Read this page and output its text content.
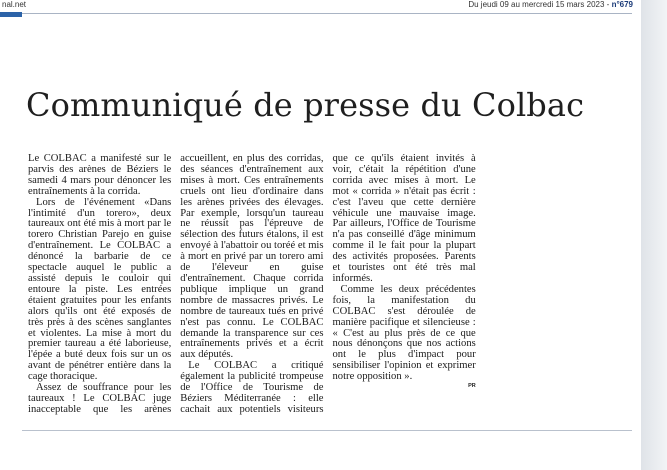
nal.net	Du jeudi 09 au mercredi 15 mars 2023 - n°679
Communiqué de presse du Colbac

Le COLBAC a manifesté sur le parvis des arènes de Béziers le samedi 4 mars pour dénoncer les entraînements à la corrida.

Lors de l'événement «Dans l'intimité d'un torero», deux taureaux ont été mis à mort par le torero Christian Parejo en guise d'entraînement. Le COLBAC a dénoncé la barbarie de ce spectacle auquel le public a assisté depuis le couloir qui entoure la piste. Les entrées étaient gratuites pour les enfants alors qu'ils ont été exposés de très près à des scènes sanglantes et violentes. La mise à mort du premier taureau a été laborieuse, l'épée a buté deux fois sur un os avant de pénétrer entière dans la cage thoracique.

Assez de souffrance pour les taureaux ! Le COLBAC juge inacceptable que les arènes accueillent, en plus des corridas, des séances d'entraînement aux mises à mort. Ces entraînements cruels ont lieu d'ordinaire dans les arènes privées des élevages. Par exemple, lorsqu'un taureau ne réussit pas l'épreuve de sélection des futurs étalons, il est envoyé à l'abattoir ou toréé et mis à mort en privé par un torero ami de l'éleveur en guise d'entraînement. Chaque corrida publique implique un grand nombre de massacres privés. Le nombre de taureaux tués en privé n'est pas connu. Le COLBAC demande la transparence sur ces entraînements privés et a écrit aux députés.

Le COLBAC a critiqué également la publicité trompeuse de l'Office de Tourisme de Béziers Méditerranée : elle cachait aux potentiels visiteurs que ce qu'ils étaient invités à voir, c'était la répétition d'une corrida avec mises à mort. Le mot « corrida » n'était pas écrit : c'est l'aveu que cette dernière véhicule une mauvaise image. Par ailleurs, l'Office de Tourisme n'a pas conseillé d'âge minimum comme il le fait pour la plupart des activités proposées. Parents et touristes ont été très mal informés.

Comme les deux précédentes fois, la manifestation du COLBAC s'est déroulée de manière pacifique et silencieuse : « C'est au plus près de ce que nous dénonçons que nos actions ont le plus d'impact pour sensibiliser l'opinion et exprimer notre opposition ».

PR
